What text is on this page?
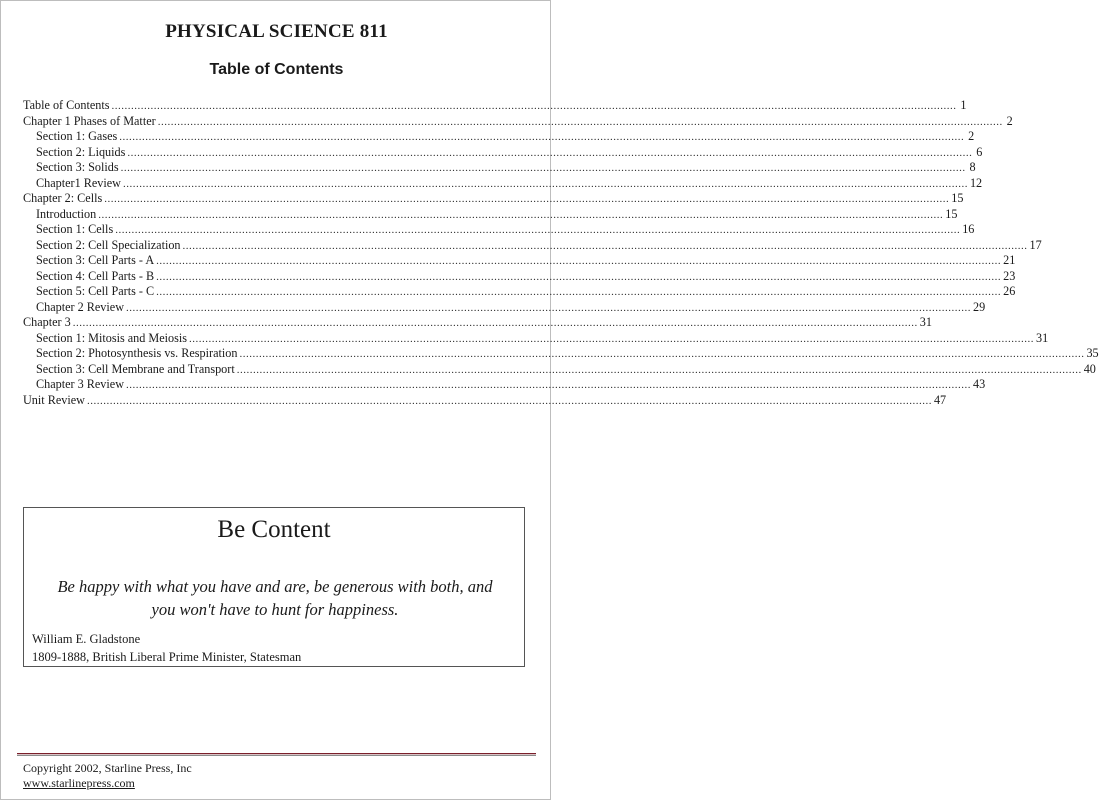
PHYSICAL SCIENCE 811
Table of Contents
Table of Contents .................................................................................................................................................................................................................................................................... 1
Chapter 1 Phases of Matter .................................................................................................................................................................................................................................................................... 2
Section 1: Gases .................................................................................................................................................................................................................................................................... 2
Section 2: Liquids .................................................................................................................................................................................................................................................................... 6
Section 3: Solids .................................................................................................................................................................................................................................................................... 8
Chapter1 Review .................................................................................................................................................................................................................................................................... 12
Chapter 2: Cells .................................................................................................................................................................................................................................................................... 15
Introduction .................................................................................................................................................................................................................................................................... 15
Section 1: Cells .................................................................................................................................................................................................................................................................... 16
Section 2: Cell Specialization .................................................................................................................................................................................................................................................................... 17
Section 3: Cell Parts - A .................................................................................................................................................................................................................................................................... 21
Section 4: Cell Parts - B .................................................................................................................................................................................................................................................................... 23
Section 5: Cell Parts - C .................................................................................................................................................................................................................................................................... 26
Chapter 2 Review .................................................................................................................................................................................................................................................................... 29
Chapter 3 .................................................................................................................................................................................................................................................................... 31
Section 1: Mitosis and Meiosis .................................................................................................................................................................................................................................................................... 31
Section 2: Photosynthesis vs. Respiration .................................................................................................................................................................................................................................................................... 35
Section 3: Cell Membrane and Transport .................................................................................................................................................................................................................................................................... 40
Chapter 3 Review .................................................................................................................................................................................................................................................................... 43
Unit Review .................................................................................................................................................................................................................................................................... 47
Be Content
Be happy with what you have and are, be generous with both, and
you won't have to hunt for happiness.
William E. Gladstone
1809-1888, British Liberal Prime Minister, Statesman
Copyright 2002, Starline Press, Inc
www.starlinepress.com
